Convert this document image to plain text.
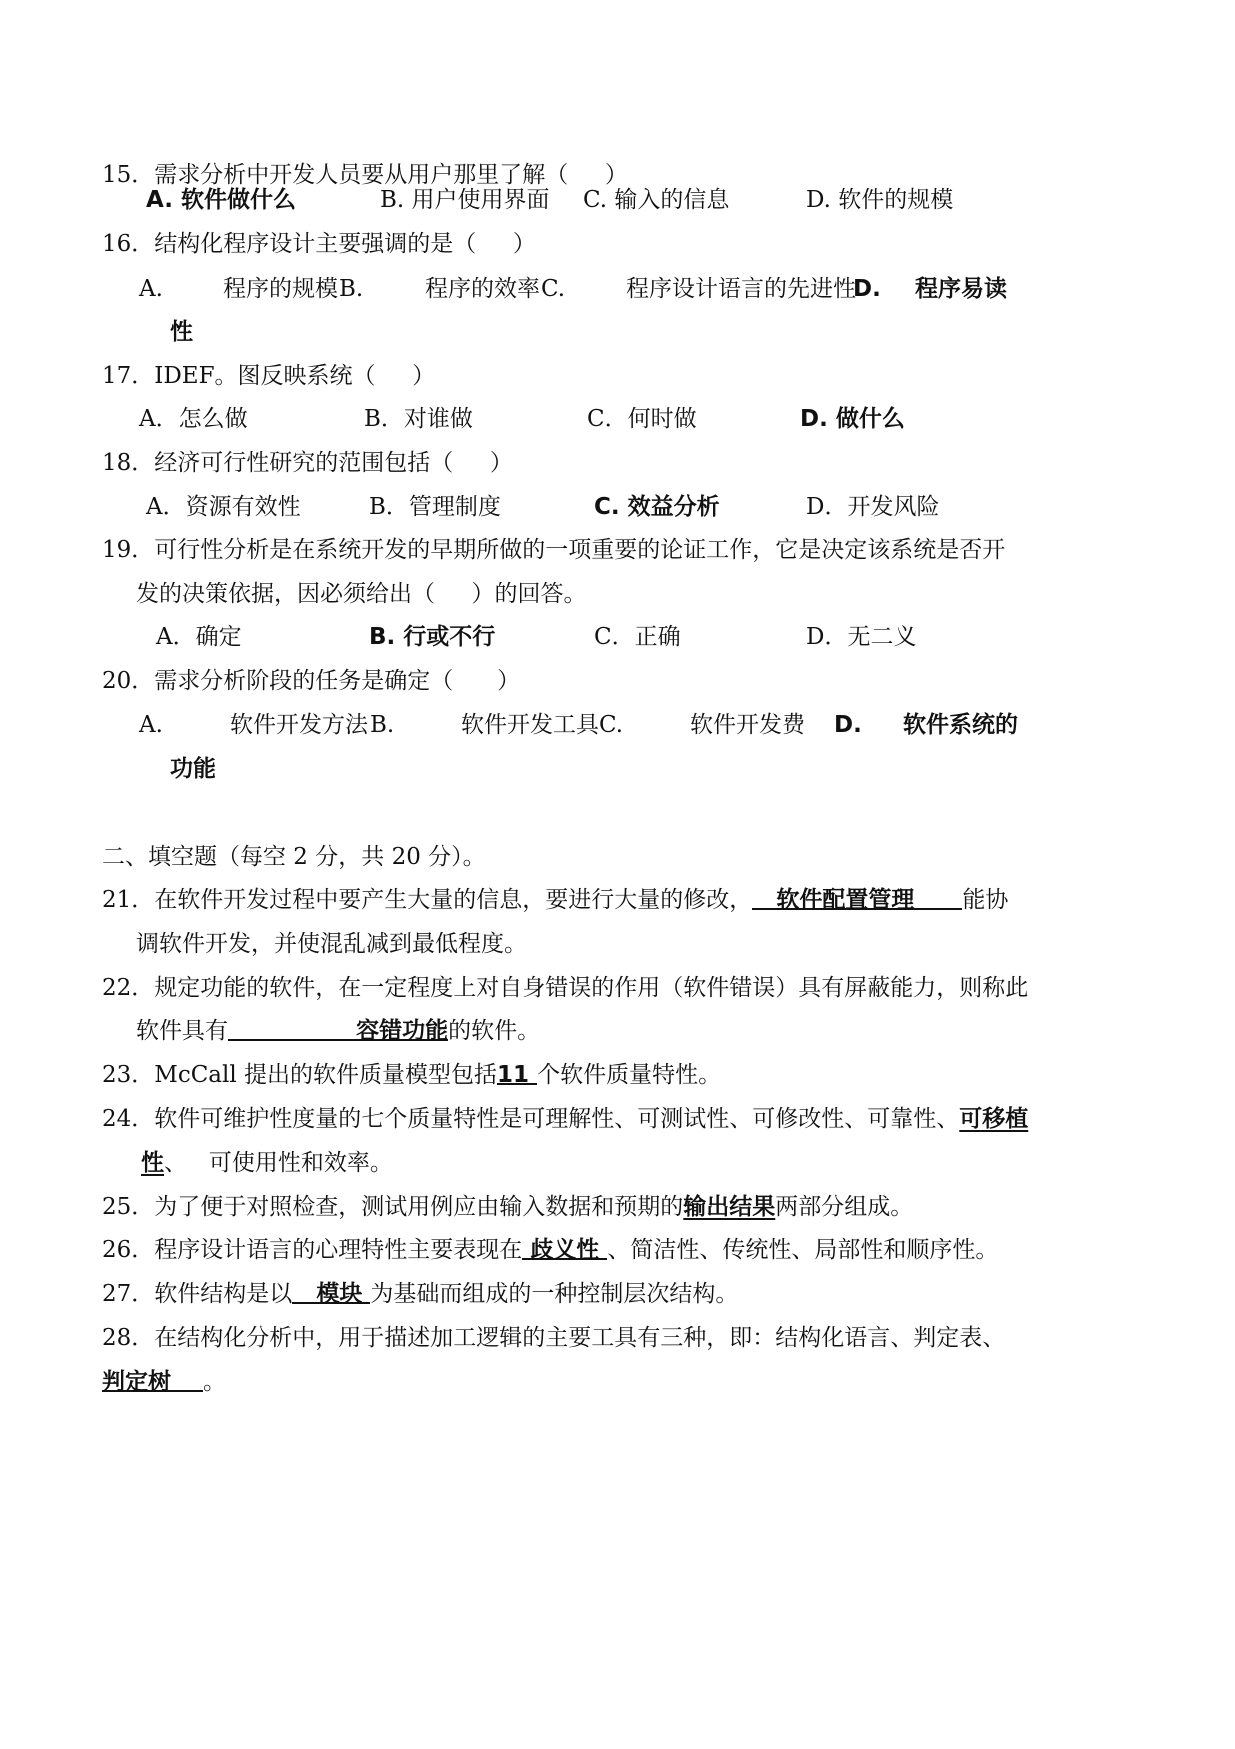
15．需求分析中开发人员要从用户那里了解（     ）

A. 软件做什么

	B. 用户使用界面

C. 输入的信息

	D. 软件的规模

16．结构化程序设计主要强调的是（     ）

A.

	程序的规模

B.

	程序的效率

C.

	程序设计语言的先进性

D.

程序易读

性

17．IDEF。图反映系统（     ）

A．怎么做

	B．对谁做

	C．何时做

	D. 做什么

18．经济可行性研究的范围包括（     ）

A．资源有效性

	B．管理制度

	C. 效益分析

	D．开发风险

19．可行性分析是在系统开发的早期所做的一项重要的论证工作，它是决定该系统是否开

发的决策依据，因必须给出（     ）的回答。

A．确定

	B. 行或不行

	C．正确

	D．无二义

20．需求分析阶段的任务是确定（      ）

A.

	软件开发方法

B.

	软件开发工具

C.

	软件开发费

D.

软件系统的

功能

二、填空题（每空 2 分，共 20 分）。

21．在软件开发过程中要产生大量的信息，要进行大量的修改， 软件配置管理 能协

调软件开发，并使混乱减到最低程度。

22．规定功能的软件，在一定程度上对自身错误的作用（软件错误）具有屏蔽能力，则称此

软件具有	容错功能的软件。

23．McCall 提出的软件质量模型包括11 个软件质量特性。

24．软件可维护性度量的七个质量特性是可理解性、可测试性、可修改性、可靠性、可移植

性、   可使用性和效率。

25．为了便于对照检查，测试用例应由输入数据和预期的输出结果两部分组成。

26．程序设计语言的心理特性主要表现在 歧义性 、简洁性、传统性、局部性和顺序性。

27．软件结构是以 模块 为基础而组成的一种控制层次结构。

28．在结构化分析中，用于描述加工逻辑的主要工具有三种，即：结构化语言、判定表、

判定树 。
